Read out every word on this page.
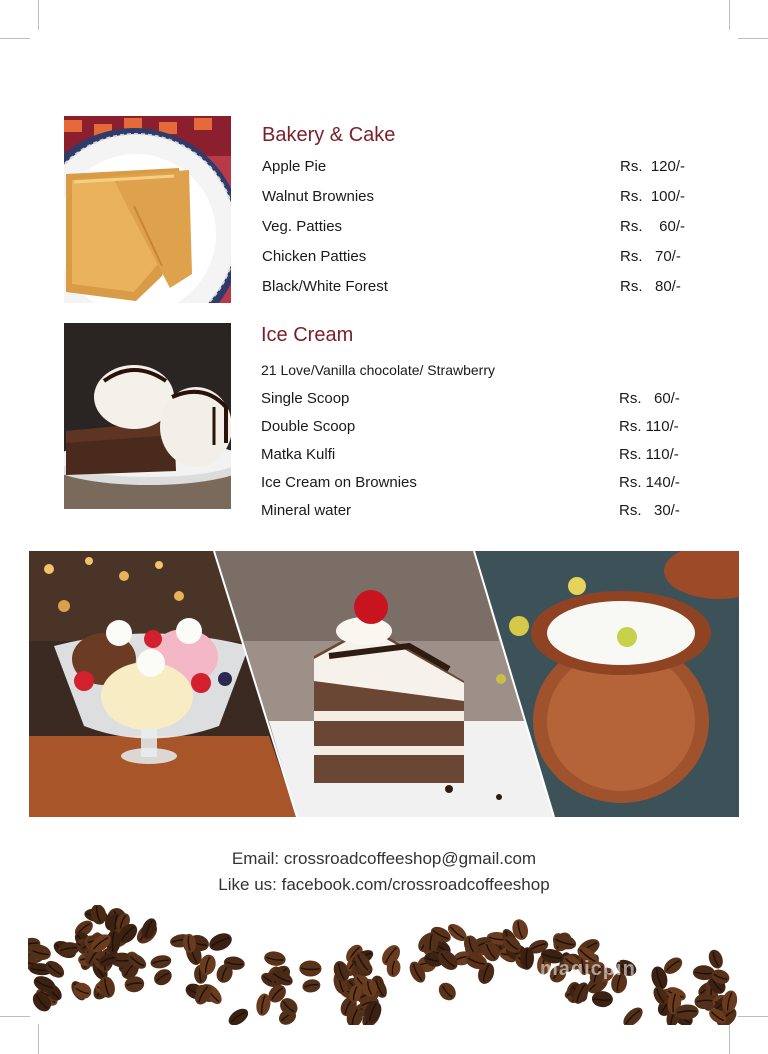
Bakery & Cake
Apple Pie	Rs.  120/-
Walnut Brownies	Rs.  100/-
Veg. Patties	Rs.    60/-
Chicken Patties	Rs.   70/-
Black/White Forest	Rs.   80/-
Ice Cream
21 Love/Vanilla chocolate/ Strawberry
Single Scoop	Rs.   60/-
Double Scoop	Rs. 110/-
Matka Kulfi	Rs. 110/-
Ice Cream on Brownies	Rs. 140/-
Mineral water	Rs.   30/-
Email: crossroadcoffeeshop@gmail.com
Like us: facebook.com/crossroadcoffeeshop
magicpin
